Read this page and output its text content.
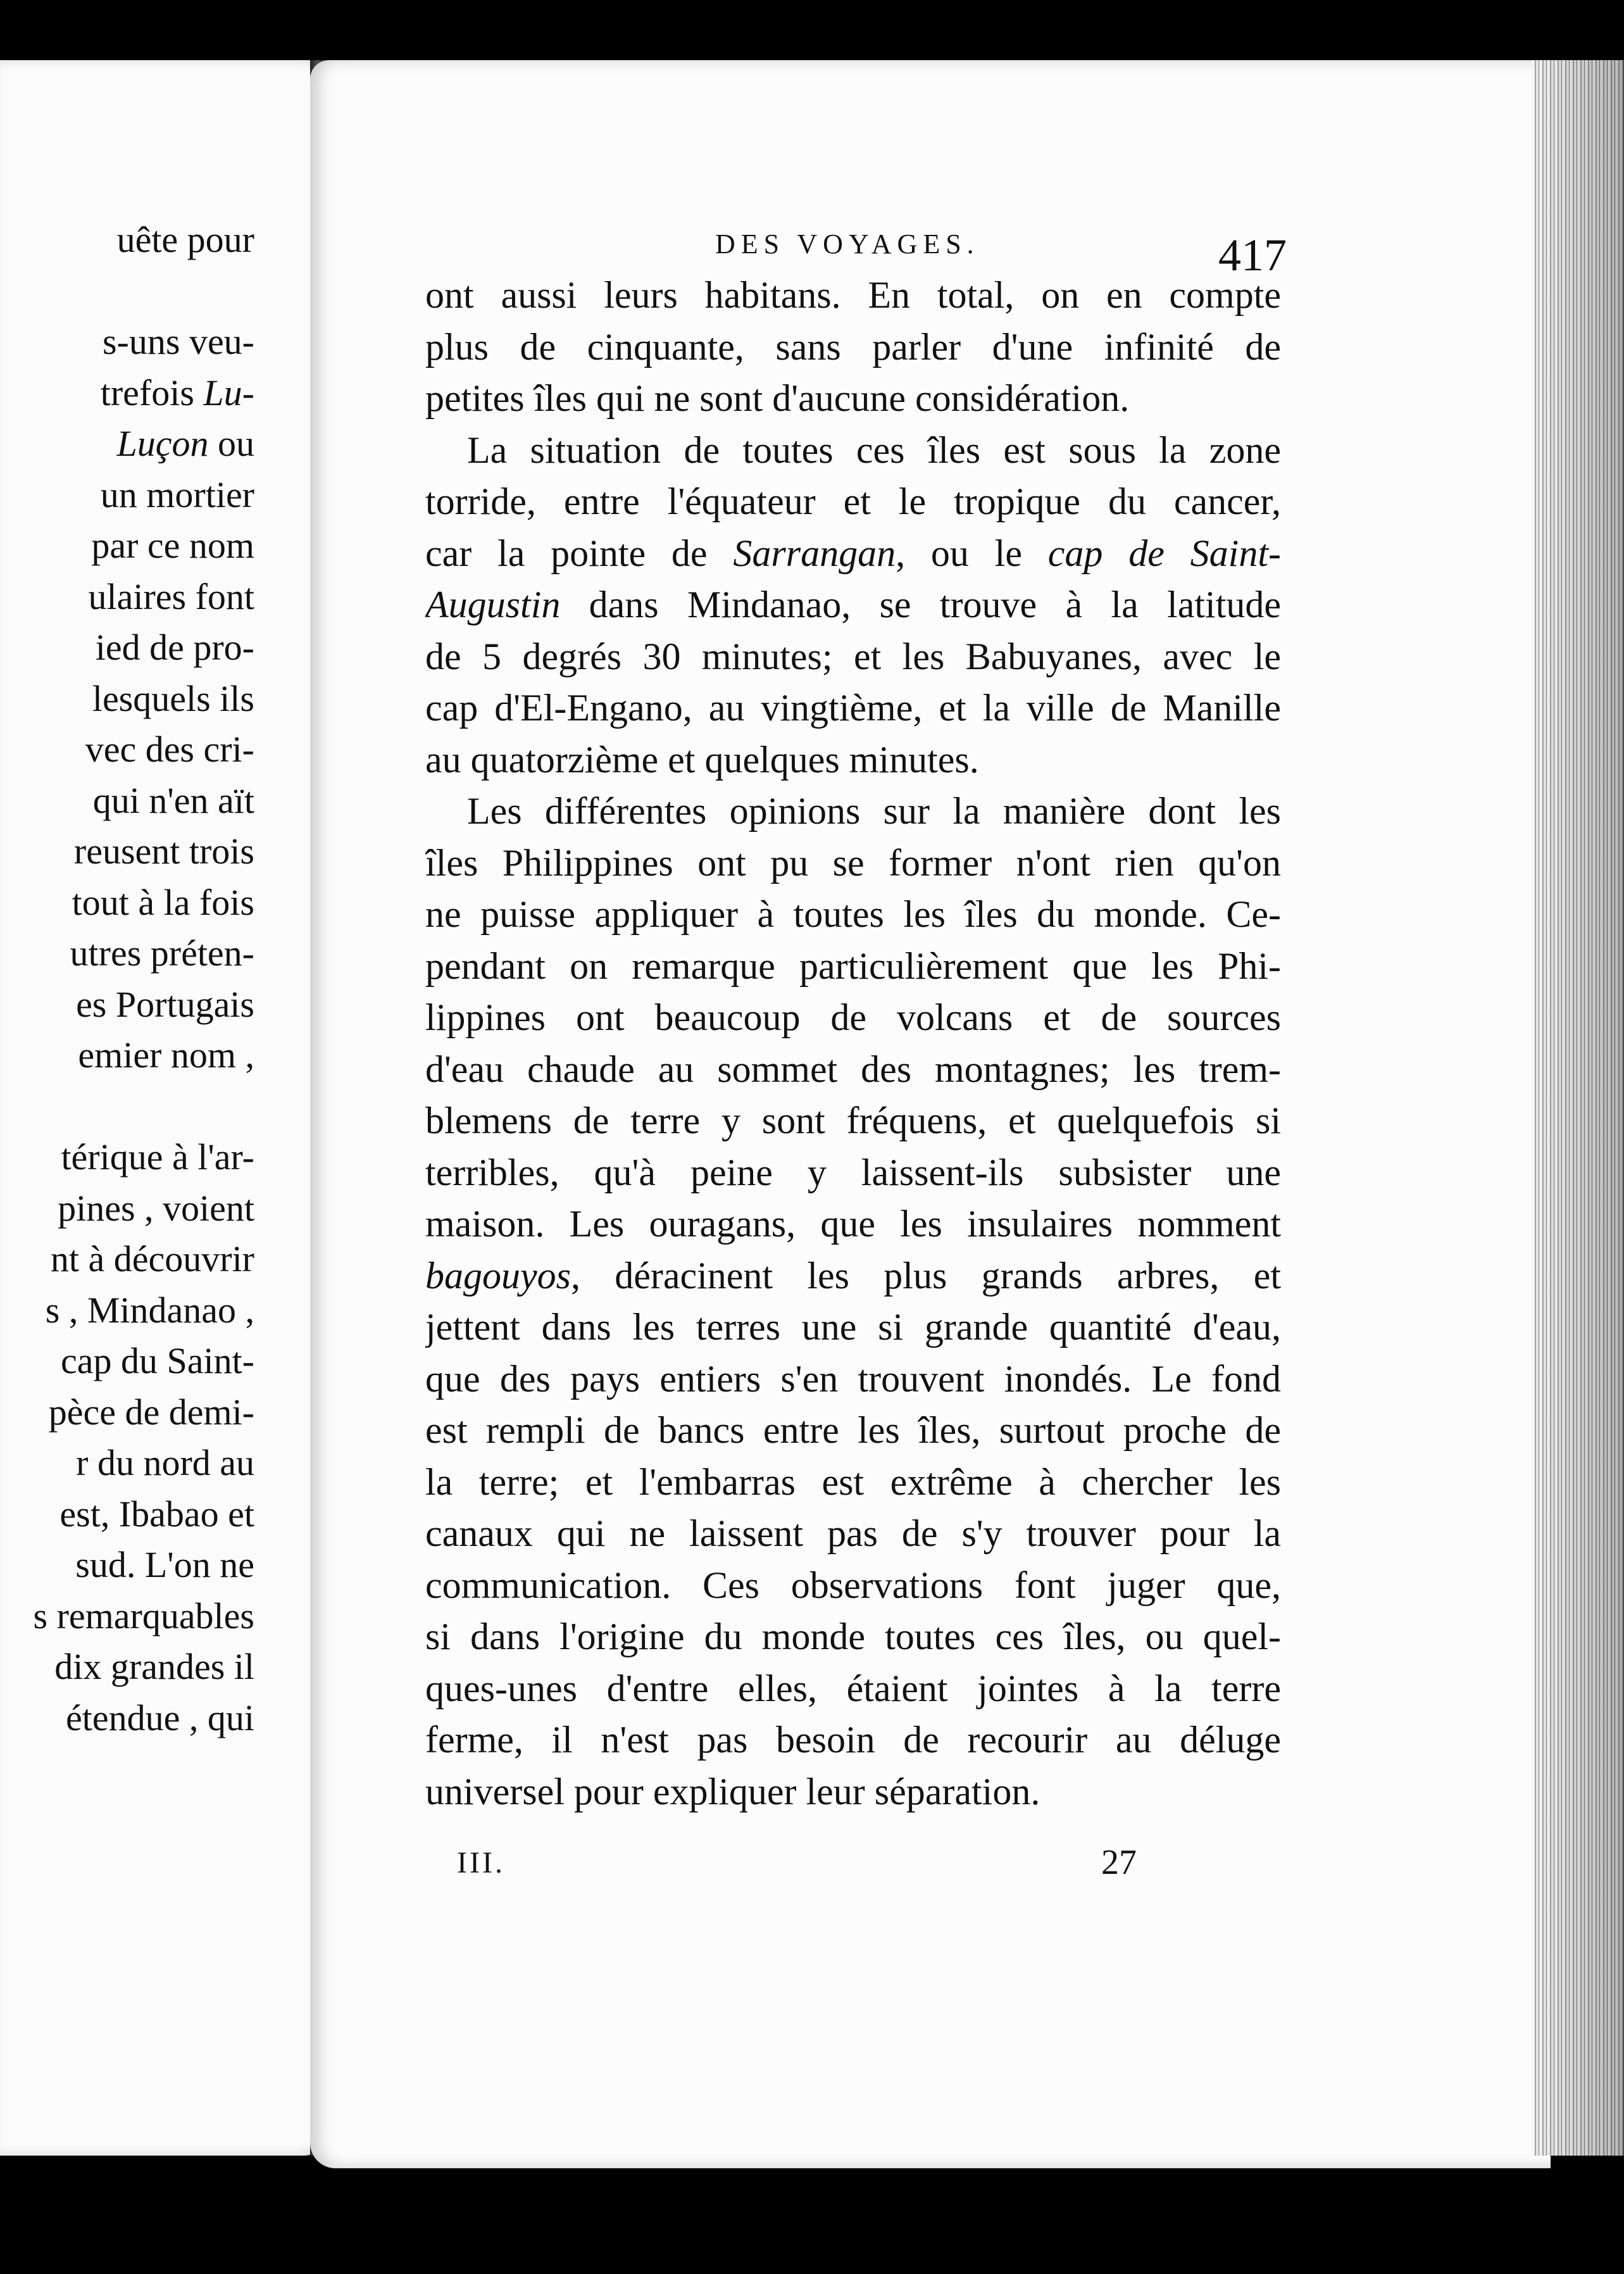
uête pour
s-uns veu-
trefois Lu-
Luçon ou
un mortier
par ce nom
ulaires font
ied de pro-
lesquels ils
vec des cri-
qui n'en aït
reusent trois
tout à la fois
utres préten-
es Portugais
emier nom ,
térique à l'ar-
pines , voient
nt à découvrir
s , Mindanao ,
cap du Saint-
pèce de demi-
r du nord au
est, Ibabao et
sud. L'on ne
s remarquables
dix grandes il
étendue , qui
DES VOYAGES.	417
ont aussi leurs habitans. En total, on en compte
plus de cinquante, sans parler d'une infinité de
petites îles qui ne sont d'aucune considération.
La situation de toutes ces îles est sous la zone
torride, entre l'équateur et le tropique du cancer,
car la pointe de Sarrangan, ou le cap de Saint-
Augustin dans Mindanao, se trouve à la latitude
de 5 degrés 30 minutes; et les Babuyanes, avec le
cap d'El-Engano, au vingtième, et la ville de Manille
au quatorzième et quelques minutes.
Les différentes opinions sur la manière dont les
îles Philippines ont pu se former n'ont rien qu'on
ne puisse appliquer à toutes les îles du monde. Ce-
pendant on remarque particulièrement que les Phi-
lippines ont beaucoup de volcans et de sources
d'eau chaude au sommet des montagnes; les trem-
blemens de terre y sont fréquens, et quelquefois si
terribles, qu'à peine y laissent-ils subsister une
maison. Les ouragans, que les insulaires nomment
bagouyos, déracinent les plus grands arbres, et
jettent dans les terres une si grande quantité d'eau,
que des pays entiers s'en trouvent inondés. Le fond
est rempli de bancs entre les îles, surtout proche de
la terre; et l'embarras est extrême à chercher les
canaux qui ne laissent pas de s'y trouver pour la
communication. Ces observations font juger que,
si dans l'origine du monde toutes ces îles, ou quel-
ques-unes d'entre elles, étaient jointes à la terre
ferme, il n'est pas besoin de recourir au déluge
universel pour expliquer leur séparation.
III.	27
